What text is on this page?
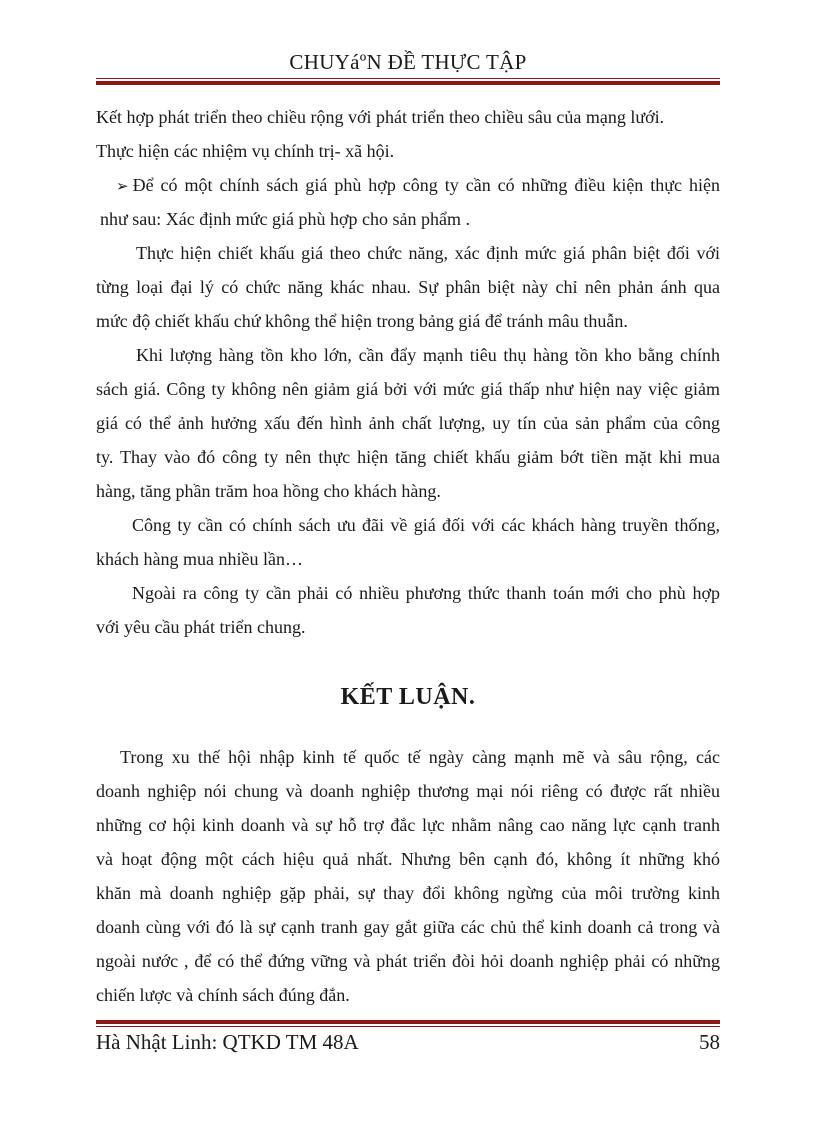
CHUYáºN ĐỀ THỰC TẬP
Kết hợp phát triển theo chiều rộng với phát triển theo chiều sâu của mạng lưới.
Thực hiện các nhiệm vụ chính trị- xã hội.
➢ Để có một chính sách giá phù hợp công ty cần có những điều kiện thực hiện
như sau: Xác định mức giá phù hợp cho sản phẩm .
Thực hiện chiết khấu giá theo chức năng, xác định mức giá phân biệt đối với
từng loại đại lý có chức năng khác nhau. Sự phân biệt này chỉ nên phản ánh qua
mức độ chiết khấu chứ không thể hiện trong bảng giá để tránh mâu thuẫn.
Khi lượng hàng tồn kho lớn, cần đẩy mạnh tiêu thụ hàng tồn kho bằng chính
sách giá. Công ty không nên giảm giá bởi với mức giá thấp như hiện nay việc giảm
giá có thể ảnh hưởng xấu đến hình ảnh chất lượng, uy tín của sản phẩm của công
ty. Thay vào đó công ty nên thực hiện tăng chiết khấu giảm bớt tiền mặt khi mua
hàng, tăng phần trăm hoa hồng cho khách hàng.
Công ty cần có chính sách ưu đãi về giá đối với các khách hàng truyền thống,
khách hàng mua nhiều lần…
Ngoài ra công ty cần phải có nhiều phương thức thanh toán mới cho phù hợp
với yêu cầu phát triển chung.
KẾT LUẬN.
Trong xu thế hội nhập kinh tế quốc tế ngày càng mạnh mẽ và sâu rộng, các
doanh nghiệp nói chung và doanh nghiệp thương mại nói riêng có được rất nhiều
những cơ hội kinh doanh và sự hỗ trợ đắc lực nhằm nâng cao năng lực cạnh tranh
và hoạt động một cách hiệu quả nhất. Nhưng bên cạnh đó, không ít những khó
khăn mà doanh nghiệp gặp phải, sự thay đổi không ngừng của môi trường kinh
doanh cùng với đó là sự cạnh tranh gay gắt giữa các chủ thể kinh doanh cả trong và
ngoài nước , để có thể đứng vững và phát triển đòi hỏi doanh nghiệp phải có những
chiến lược và chính sách đúng đắn.
Hà Nhật Linh: QTKD TM 48A	58
